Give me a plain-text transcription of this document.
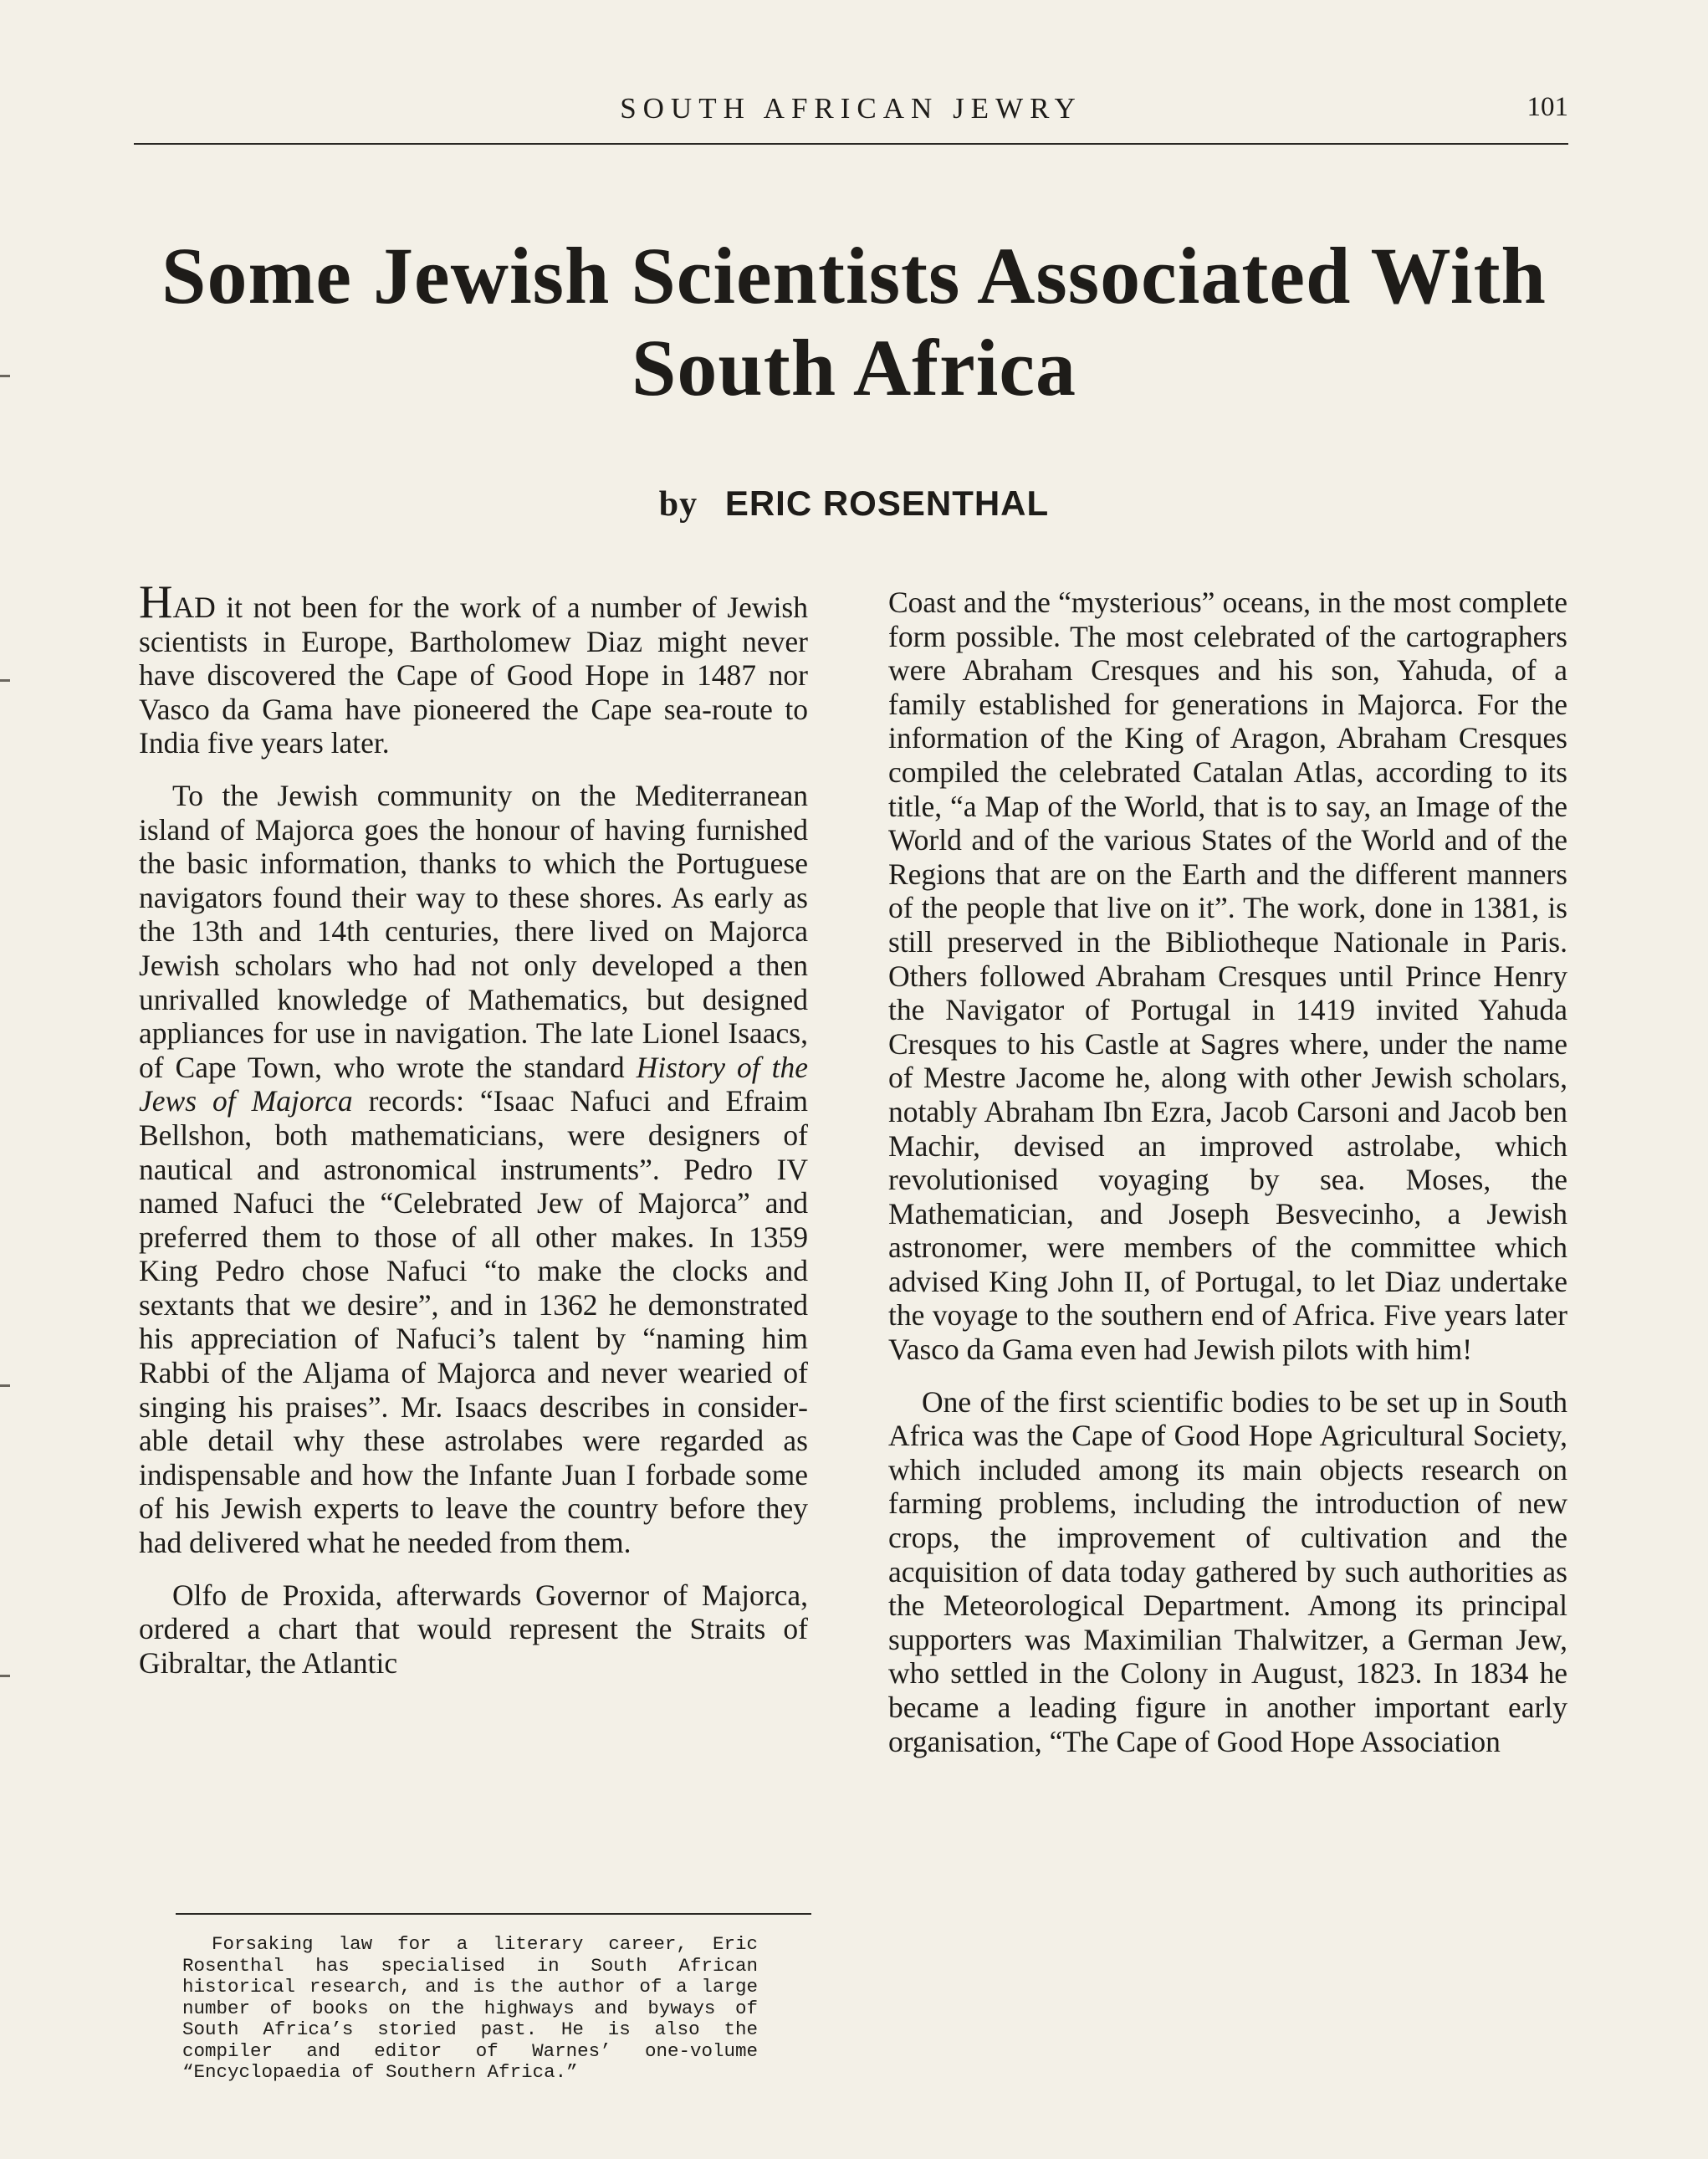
SOUTH AFRICAN JEWRY	101
Some Jewish Scientists Associated With South Africa
by ERIC ROSENTHAL

HAD it not been for the work of a number of Jewish scientists in Europe, Bartholomew Diaz might never have discovered the Cape of Good Hope in 1487 nor Vasco da Gama have pioneered the Cape sea-route to India five years later.

To the Jewish community on the Mediterranean island of Majorca goes the honour of having furnished the basic information, thanks to which the Portuguese navigators found their way to these shores. As early as the 13th and 14th centuries, there lived on Majorca Jewish scholars who had not only developed a then unrivalled knowledge of Mathematics, but designed appliances for use in navigation. The late Lionel Isaacs, of Cape Town, who wrote the standard History of the Jews of Majorca records: “Isaac Nafuci and Efraim Bellshon, both mathematicians, were designers of nautical and astronomical instruments”. Pedro IV named Nafuci the “Celebrated Jew of Majorca” and preferred them to those of all other makes. In 1359 King Pedro chose Nafuci “to make the clocks and sextants that we desire”, and in 1362 he demonstrated his appreciation of Nafuci’s talent by “naming him Rabbi of the Aljama of Majorca and never wearied of singing his praises”. Mr. Isaacs describes in considerable detail why these astrolabes were regarded as indispensable and how the Infante Juan I forbade some of his Jewish experts to leave the country before they had delivered what he needed from them.

Olfo de Proxida, afterwards Governor of Majorca, ordered a chart that would represent the Straits of Gibraltar, the Atlantic

Coast and the “mysterious” oceans, in the most complete form possible. The most celebrated of the cartographers were Abraham Cresques and his son, Yahuda, of a family established for generations in Majorca. For the information of the King of Aragon, Abraham Cresques compiled the celebrated Catalan Atlas, according to its title, “a Map of the World, that is to say, an Image of the World and of the various States of the World and of the Regions that are on the Earth and the different manners of the people that live on it”. The work, done in 1381, is still preserved in the Bibliotheque Nationale in Paris. Others followed Abraham Cresques until Prince Henry the Navigator of Portugal in 1419 invited Yahuda Cresques to his Castle at Sagres where, under the name of Mestre Jacome he, along with other Jewish scholars, notably Abraham Ibn Ezra, Jacob Carsoni and Jacob ben Machir, devised an improved astrolabe, which revolutionised voyaging by sea. Moses, the Mathematician, and Joseph Besvecinho, a Jewish astronomer, were members of the committee which advised King John II, of Portugal, to let Diaz undertake the voyage to the southern end of Africa. Five years later Vasco da Gama even had Jewish pilots with him!

One of the first scientific bodies to be set up in South Africa was the Cape of Good Hope Agricultural Society, which included among its main objects research on farming problems, including the introduction of new crops, the improvement of cultivation and the acquisition of data today gathered by such authorities as the Meteorological Department. Among its principal supporters was Maximilian Thalwitzer, a German Jew, who settled in the Colony in August, 1823. In 1834 he became a leading figure in another important early organisation, “The Cape of Good Hope Association

Forsaking law for a literary career, Eric Rosenthal has specialised in South African historical research, and is the author of a large number of books on the highways and byways of South Africa’s storied past. He is also the compiler and editor of Warnes’ one-volume “Encyclopaedia of Southern Africa.”
